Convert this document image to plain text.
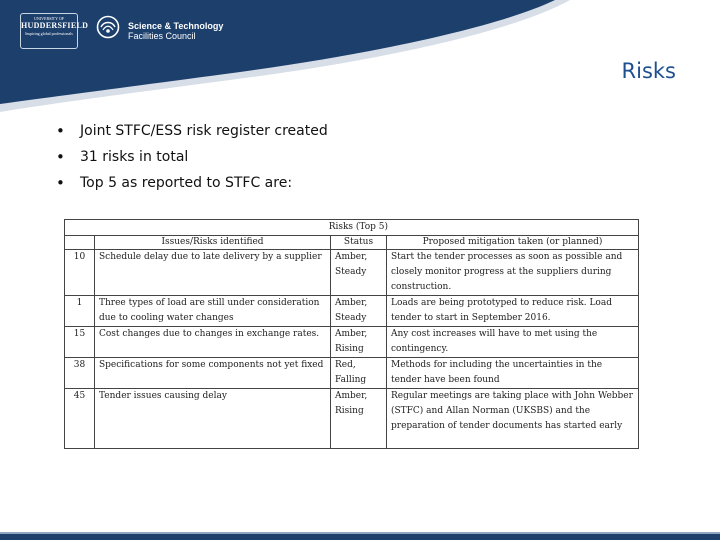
UNIVERSITY OF
HUDDERSFIELD
Inspiring global professionals
Science & Technology
Facilities Council
Risks
• Joint STFC/ESS risk register created
• 31 risks in total
• Top 5 as reported to STFC are:
Risks (Top 5)			

	Issues/Risks identified	Status	Proposed mitigation taken (or planned)
10	Schedule delay due to late delivery by a supplier	Amber, Steady	Start the tender processes as soon as possible and closely monitor progress at the suppliers during construction.
1	Three types of load are still under consideration due to cooling water changes	Amber, Steady	Loads are being prototyped to reduce risk. Load tender to start in September 2016.
15	Cost changes due to changes in exchange rates.	Amber, Rising	Any cost increases will have to met using the contingency.
38	Specifications for some components not yet fixed	Red, Falling	Methods for including the uncertainties in the tender have been found
45	Tender issues causing delay	Amber, Rising	Regular meetings are taking place with John Webber (STFC) and Allan Norman (UKSBS) and the preparation of tender documents has started early
